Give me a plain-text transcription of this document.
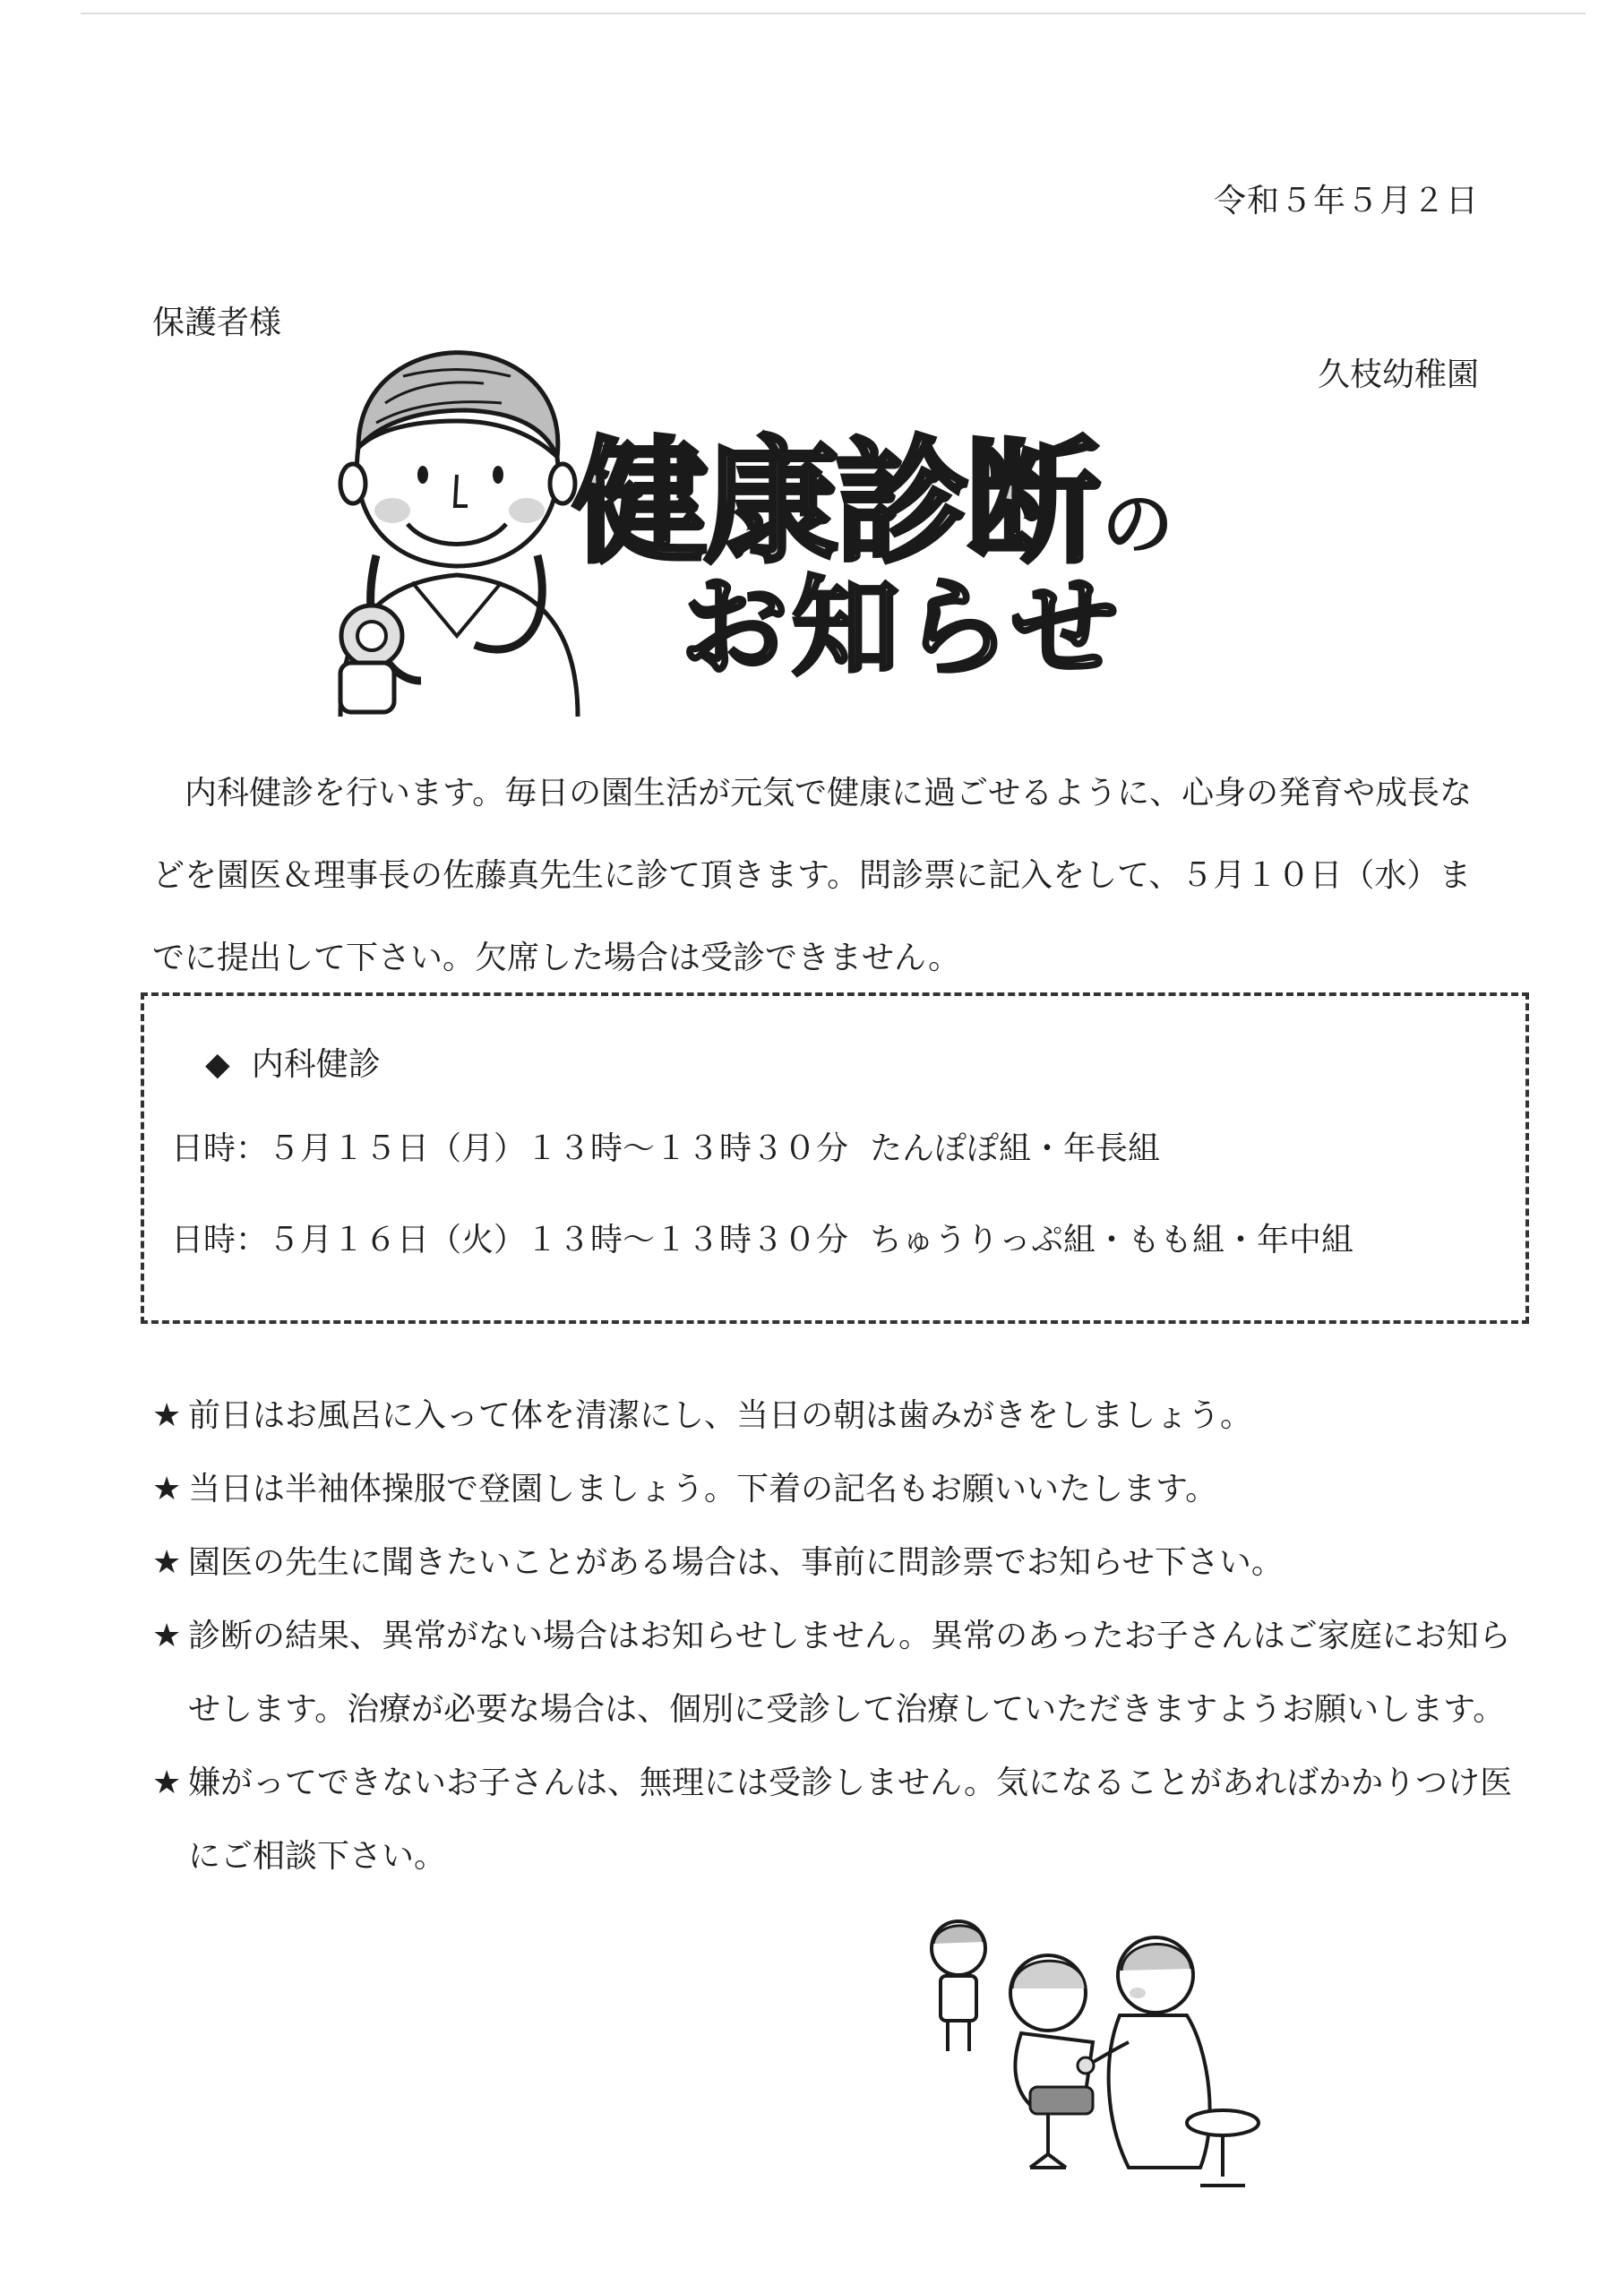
令和５年５月２日
保護者様
久枝幼稚園
健康診断の
お知らせ
内科健診を行います。毎日の園生活が元気で健康に過ごせるように、心身の発育や成長などを園医＆理事長の佐藤真先生に診て頂きます。問診票に記入をして、５月１０日（水）までに提出して下さい。欠席した場合は受診できません。
◆ 内科健診
日時：５月１５日（月）１３時～１３時３０分 たんぽぽ組・年長組
日時：５月１６日（火）１３時～１３時３０分 ちゅうりっぷ組・もも組・年中組
★ 前日はお風呂に入って体を清潔にし、当日の朝は歯みがきをしましょう。
★ 当日は半袖体操服で登園しましょう。下着の記名もお願いいたします。
★ 園医の先生に聞きたいことがある場合は、事前に問診票でお知らせ下さい。
★ 診断の結果、異常がない場合はお知らせしません。異常のあったお子さんはご家庭にお知らせします。治療が必要な場合は、個別に受診して治療していただきますようお願いします。
★ 嫌がってできないお子さんは、無理には受診しません。気になることがあればかかりつけ医にご相談下さい。
